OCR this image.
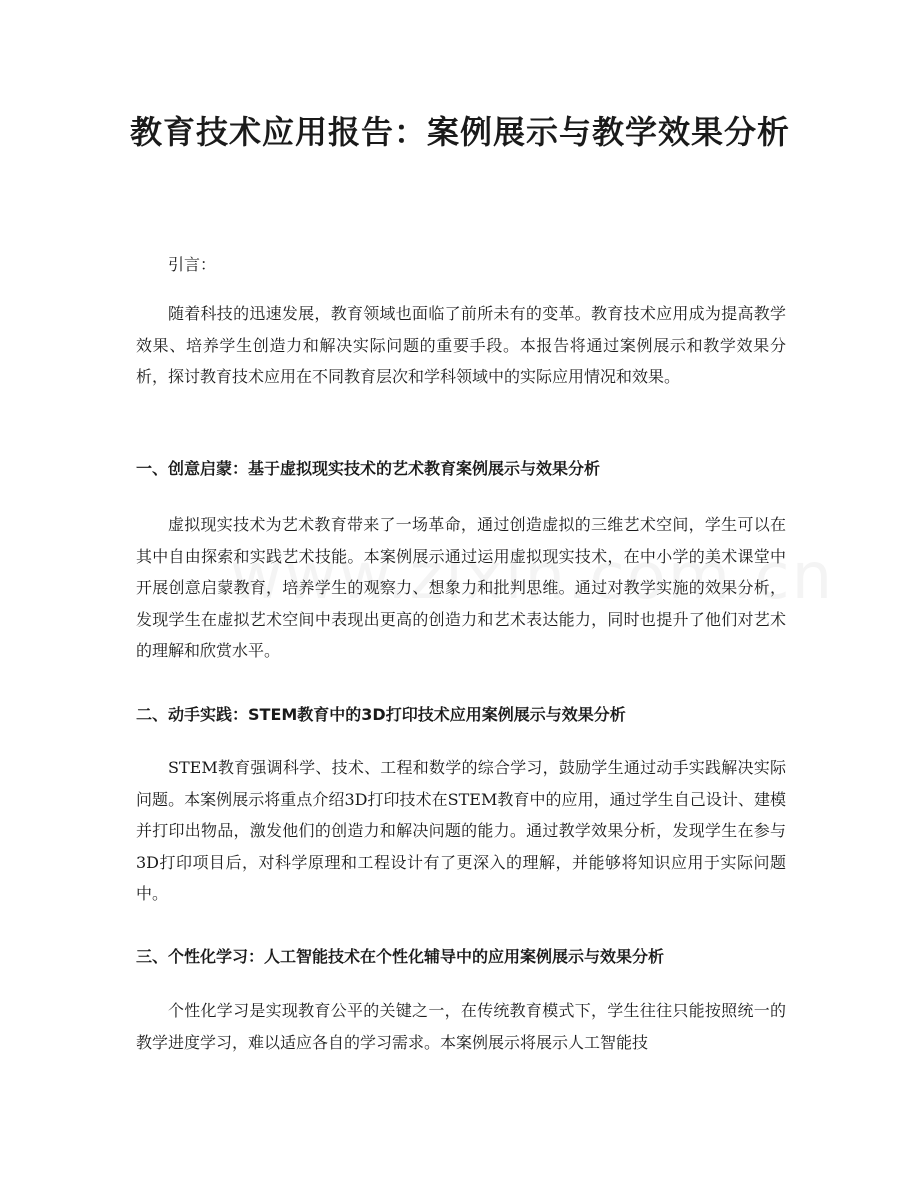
教育技术应用报告：案例展示与教学效果分析

引言：

随着科技的迅速发展，教育领域也面临了前所未有的变革。教育技术应用成为提高教学效果、培养学生创造力和解决实际问题的重要手段。本报告将通过案例展示和教学效果分析，探讨教育技术应用在不同教育层次和学科领域中的实际应用情况和效果。

一、创意启蒙：基于虚拟现实技术的艺术教育案例展示与效果分析

虚拟现实技术为艺术教育带来了一场革命，通过创造虚拟的三维艺术空间，学生可以在其中自由探索和实践艺术技能。本案例展示通过运用虚拟现实技术，在中小学的美术课堂中开展创意启蒙教育，培养学生的观察力、想象力和批判思维。通过对教学实施的效果分析，发现学生在虚拟艺术空间中表现出更高的创造力和艺术表达能力，同时也提升了他们对艺术的理解和欣赏水平。

二、动手实践：STEM教育中的3D打印技术应用案例展示与效果分析

STEM教育强调科学、技术、工程和数学的综合学习，鼓励学生通过动手实践解决实际问题。本案例展示将重点介绍3D打印技术在STEM教育中的应用，通过学生自己设计、建模并打印出物品，激发他们的创造力和解决问题的能力。通过教学效果分析，发现学生在参与3D打印项目后，对科学原理和工程设计有了更深入的理解，并能够将知识应用于实际问题中。

三、个性化学习：人工智能技术在个性化辅导中的应用案例展示与效果分析

个性化学习是实现教育公平的关键之一，在传统教育模式下，学生往往只能按照统一的教学进度学习，难以适应各自的学习需求。本案例展示将展示人工智能技
